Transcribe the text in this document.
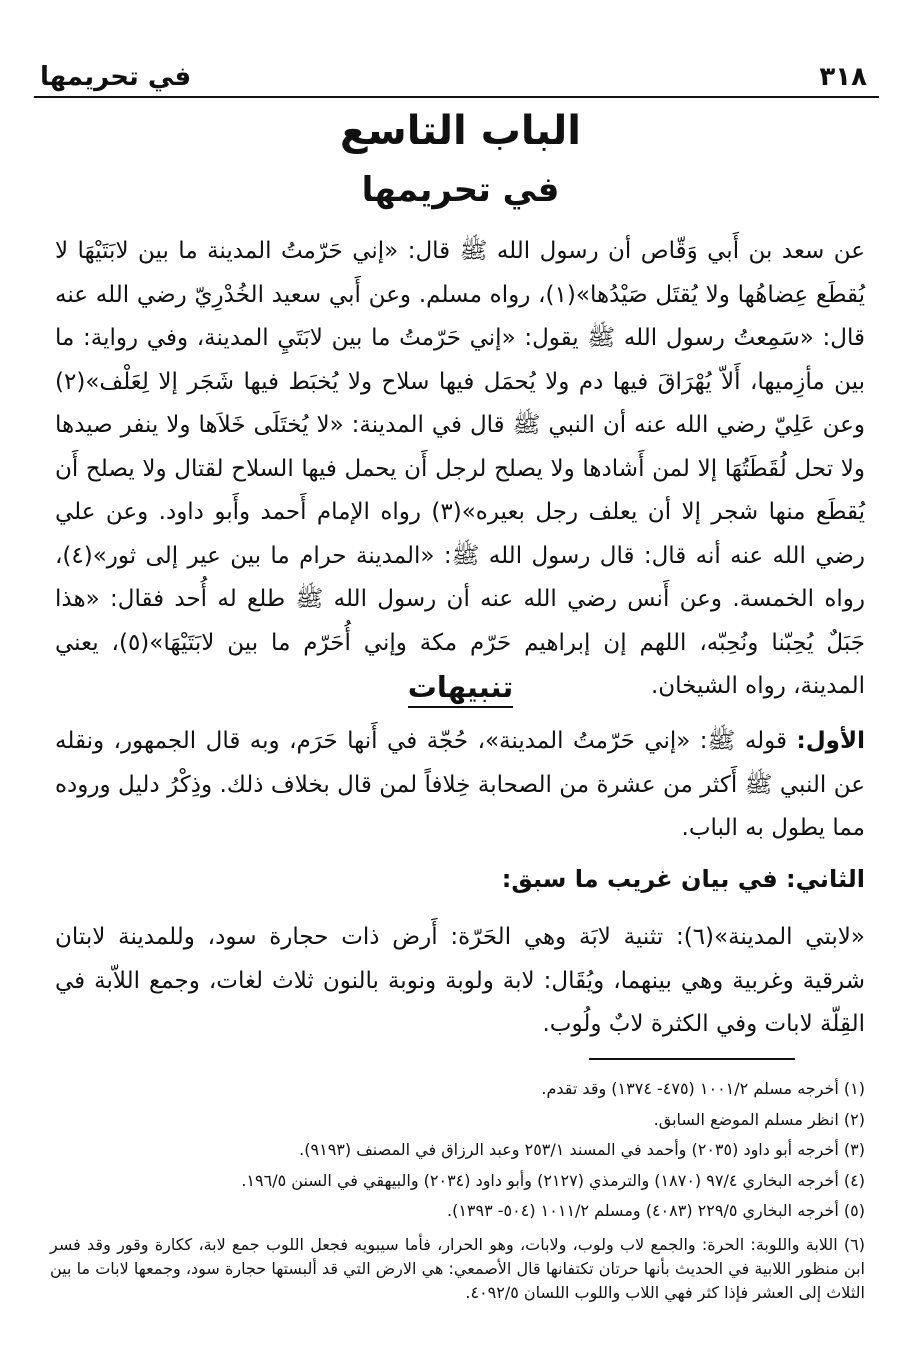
٣١٨
في تحريمها
الباب التاسع
في تحريمها

عن سعد بن أَبي وَقّاص أن رسول الله ﷺ قال: «إني حَرّمتُ المدينة ما بين لابَتَيْهَا لا يُقطَع عِضاهُها ولا يُقتَل صَيْدُها»(١)، رواه مسلم. وعن أَبي سعيد الخُدْرِيّ رضي الله عنه قال: «سَمِعتُ رسول الله ﷺ يقول: «إني حَرّمتُ ما بين لابَتَيِ المدينة، وفي رواية: ما بين مأزِميها، أَلاّ يُهْرَاقَ فيها دم ولا يُحمَل فيها سلاح ولا يُخبَط فيها شَجَر إلا لِعَلْف»(٢) وعن عَلِيّ رضي الله عنه أن النبي ﷺ قال في المدينة: «لا يُختَلَى خَلاَها ولا ينفر صيدها ولا تحل لُقَطَتُهَا إلا لمن أَشادها ولا يصلح لرجل أَن يحمل فيها السلاح لقتال ولا يصلح أَن يُقطَع منها شجر إلا أن يعلف رجل بعيره»(٣) رواه الإمام أَحمد وأَبو داود. وعن علي رضي الله عنه أنه قال: قال رسول الله ﷺ: «المدينة حرام ما بين عير إلى ثور»(٤)، رواه الخمسة. وعن أَنس رضي الله عنه أن رسول الله ﷺ طلع له أُحد فقال: «هذا جَبَلٌ يُحِبّنا ونُحِبّه، اللهم إن إبراهيم حَرّم مكة وإني أُحَرّم ما بين لابَتَيْهَا»(٥)، يعني المدينة، رواه الشيخان.

تنبيهات

الأول: قوله ﷺ: «إني حَرّمتُ المدينة»، حُجّة في أَنها حَرَم، وبه قال الجمهور، ونقله عن النبي ﷺ أَكثر من عشرة من الصحابة خِلافاً لمن قال بخلاف ذلك. وذِكْرُ دليل وروده مما يطول به الباب.

الثاني: في بيان غريب ما سبق:

«لابتي المدينة»(٦): تثنية لابَة وهي الحَرّة: أَرض ذات حجارة سود، وللمدينة لابتان شرقية وغربية وهي بينهما، ويُقَال: لابة ولوبة ونوبة بالنون ثلاث لغات، وجمع اللاّبة في القِلّة لابات وفي الكثرة لابٌ ولُوب.

(١) أخرجه مسلم ١٠٠١/٢ (٤٧٥- ١٣٧٤) وقد تقدم.

(٢) انظر مسلم الموضع السابق.

(٣) أخرجه أبو داود (٢٠٣٥) وأحمد في المسند ٢٥٣/١ وعبد الرزاق في المصنف (٩١٩٣).

(٤) أخرجه البخاري ٩٧/٤ (١٨٧٠) والترمذي (٢١٢٧) وأبو داود (٢٠٣٤) والبيهقي في السنن ١٩٦/٥.

(٥) أخرجه البخاري ٢٢٩/٥ (٤٠٨٣) ومسلم ١٠١١/٢ (٥٠٤- ١٣٩٣).

(٦) اللابة واللوبة: الحرة: والجمع لاب ولوب، ولابات، وهو الحرار، فأما سيبويه فجعل اللوب جمع لابة، ككارة وقور وقد فسر ابن منظور اللابية في الحديث بأنها حرتان تكتفانها قال الأصمعي: هي الارض التي قد ألبستها حجارة سود، وجمعها لابات ما بين الثلاث إلى العشر فإذا كثر فهي اللاب واللوب اللسان ٤٠٩٢/٥.
